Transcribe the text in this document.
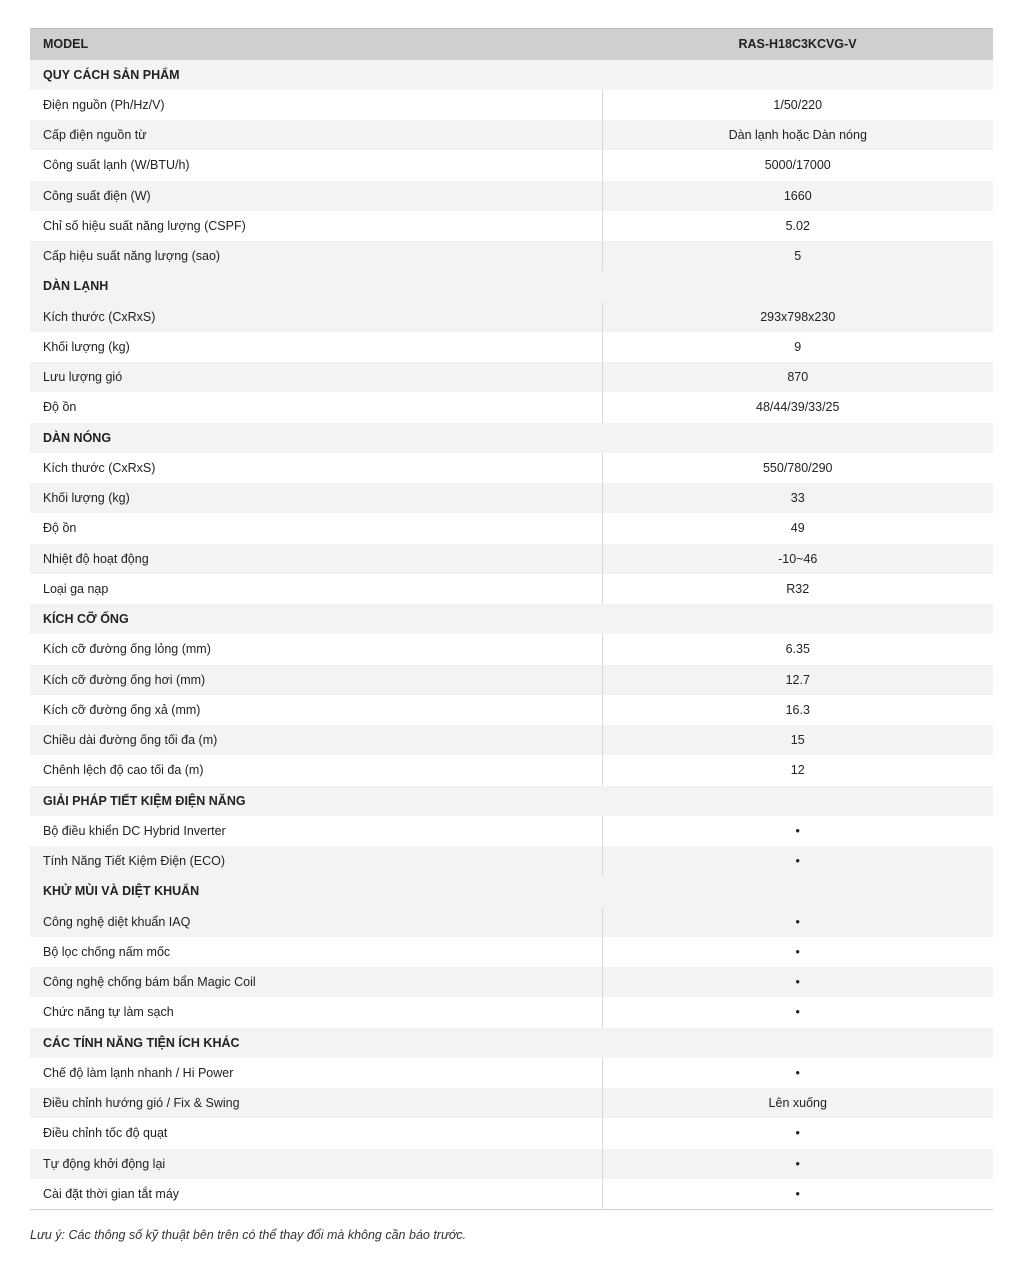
MODEL	RAS-H18C3KCVG-V
QUY CÁCH SẢN PHẨM	
Điện nguồn (Ph/Hz/V)	1/50/220
Cấp điện nguồn từ	Dàn lạnh hoặc Dàn nóng
Công suất lạnh (W/BTU/h)	5000/17000
Công suất điện (W)	1660
Chỉ số hiệu suất năng lượng (CSPF)	5.02
Cấp hiệu suất năng lượng (sao)	5
DÀN LẠNH	
Kích thước (CxRxS)	293x798x230
Khối lượng (kg)	9
Lưu lượng gió	870
Độ ồn	48/44/39/33/25
DÀN NÓNG	
Kích thước (CxRxS)	550/780/290
Khối lượng (kg)	33
Độ ồn	49
Nhiệt độ hoạt động	-10~46
Loại ga nạp	R32
KÍCH CỠ ỐNG	
Kích cỡ đường ống lỏng (mm)	6.35
Kích cỡ đường ống hơi (mm)	12.7
Kích cỡ đường ống xả (mm)	16.3
Chiều dài đường ống tối đa (m)	15
Chênh lệch độ cao tối đa (m)	12
GIẢI PHÁP TIẾT KIỆM ĐIỆN NĂNG	
Bộ điều khiển DC Hybrid Inverter	•
Tính Năng Tiết Kiệm Điện (ECO)	•
KHỬ MÙI VÀ DIỆT KHUẨN	
Công nghệ diệt khuẩn IAQ	•
Bộ lọc chống nấm mốc	•
Công nghệ chống bám bẩn Magic Coil	•
Chức năng tự làm sạch	•
CÁC TÍNH NĂNG TIỆN ÍCH KHÁC	
Chế độ làm lạnh nhanh / Hi Power	•
Điều chỉnh hướng gió / Fix & Swing	Lên xuống
Điều chỉnh tốc độ quạt	•
Tự động khởi động lại	•
Cài đặt thời gian tắt máy	•
Lưu ý: Các thông số kỹ thuật bên trên có thể thay đổi mà không cần báo trước.
